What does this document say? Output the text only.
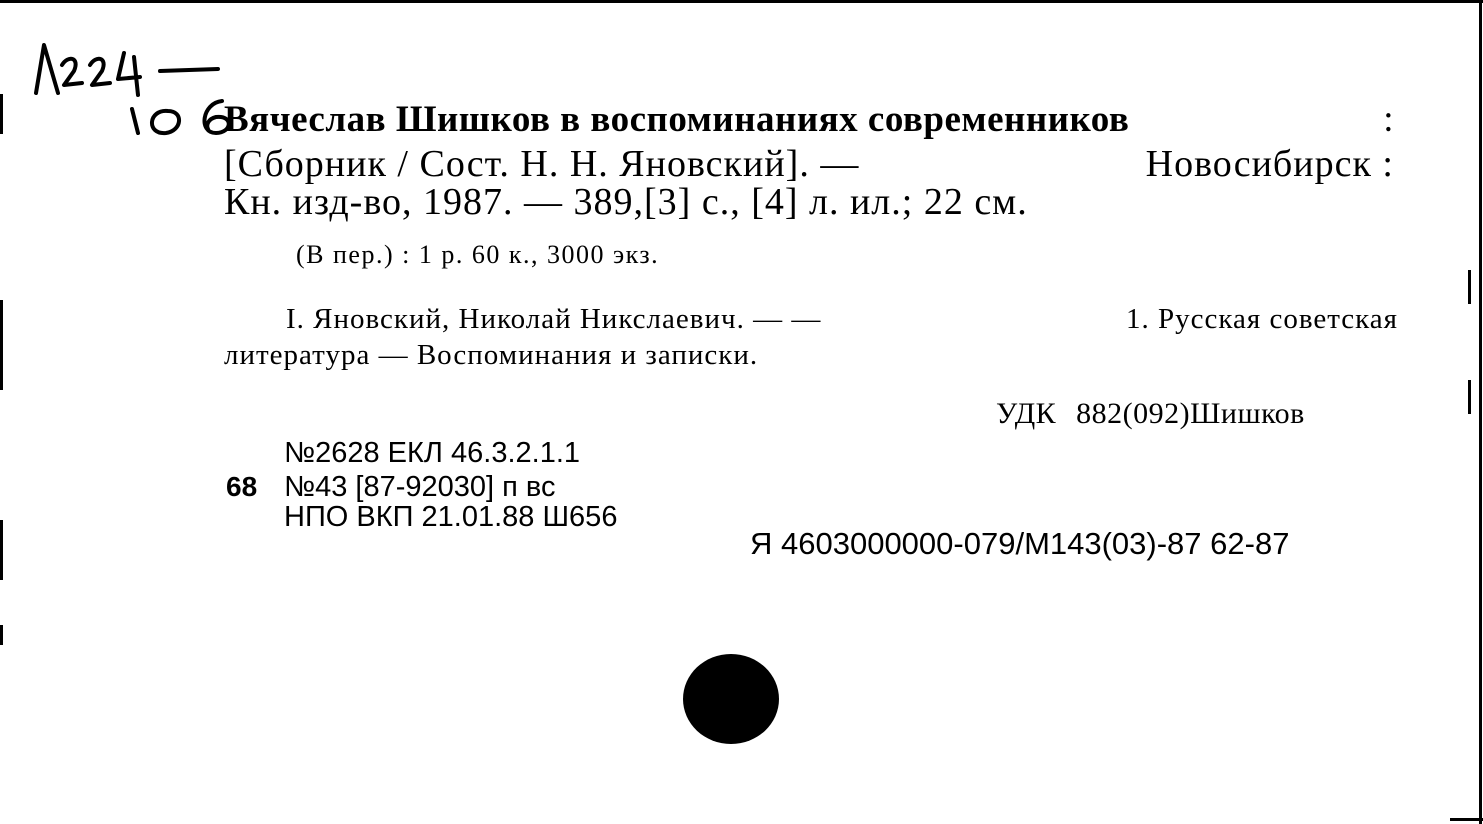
Вячеслав Шишков в воспоминаниях современников	:
[Сборник / Сост. Н. Н. Яновский]. —	Новосибирск :
Кн. изд-во, 1987. — 389,[3] с., [4] л. ил.; 22 см.
(В пер.) : 1 р. 60 к., 3000 экз.
I. Яновский, Николай Никслаевич. — —	1. Русская советская
литература — Воспоминания и записки.
УДК 882(092)Шишков
№2628 ЕКЛ 46.3.2.1.1
68 №43 [87-92030] п вс
НПО ВКП 21.01.88 Ш656
Я 4603000000-079/М143(03)-87 62-87
